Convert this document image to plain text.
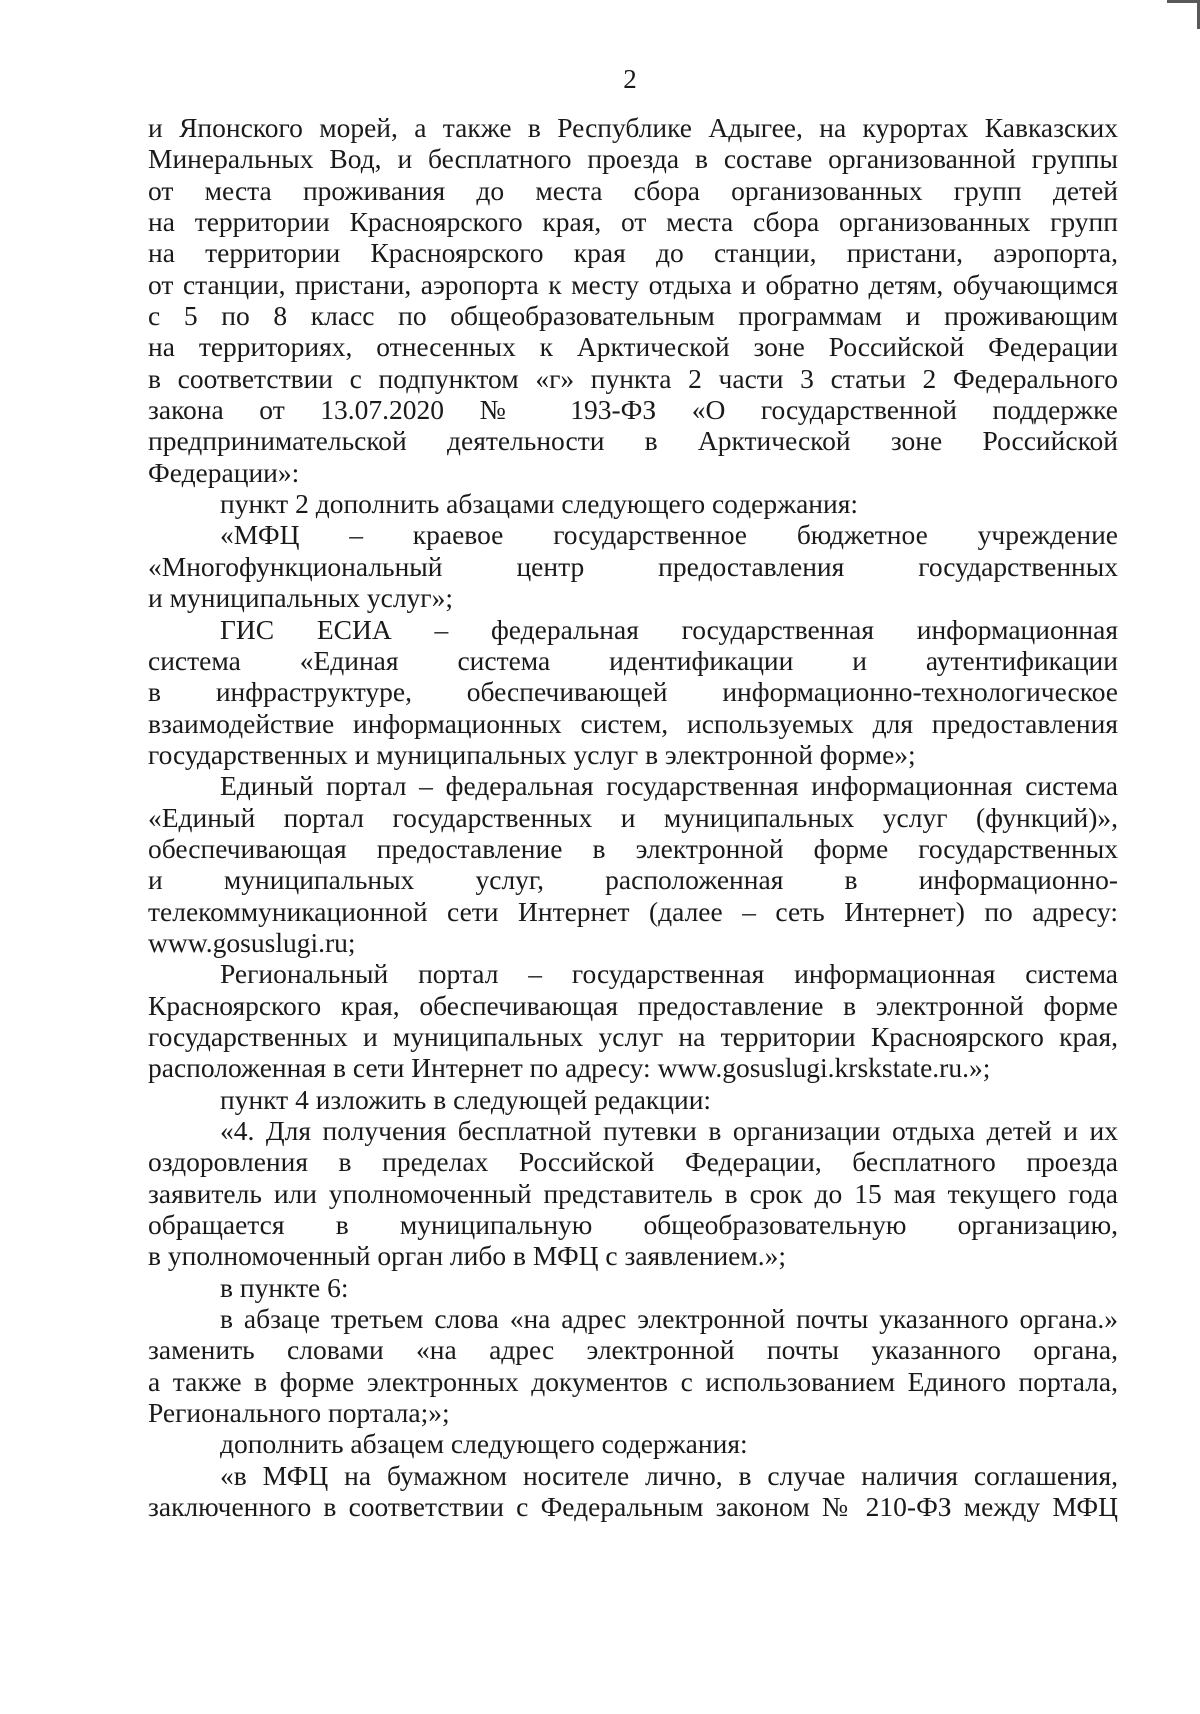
2
и Японского морей, а также в Республике Адыгее, на курортах Кавказских
Минеральных Вод, и бесплатного проезда в составе организованной группы
от места проживания до места сбора организованных групп детей
на территории Красноярского края, от места сбора организованных групп
на территории Красноярского края до станции, пристани, аэропорта,
от станции, пристани, аэропорта к месту отдыха и обратно детям, обучающимся
с 5 по 8 класс по общеобразовательным программам и проживающим
на территориях, отнесенных к Арктической зоне Российской Федерации
в соответствии с подпунктом «г» пункта 2 части 3 статьи 2 Федерального
закона от 13.07.2020 № 193-ФЗ «О государственной поддержке
предпринимательской деятельности в Арктической зоне Российской
Федерации»:
пункт 2 дополнить абзацами следующего содержания:
«МФЦ – краевое государственное бюджетное учреждение
«Многофункциональный центр предоставления государственных
и муниципальных услуг»;
ГИС ЕСИА – федеральная государственная информационная
система «Единая система идентификации и аутентификации
в инфраструктуре, обеспечивающей информационно-технологическое
взаимодействие информационных систем, используемых для предоставления
государственных и муниципальных услуг в электронной форме»;
Единый портал – федеральная государственная информационная система
«Единый портал государственных и муниципальных услуг (функций)»,
обеспечивающая предоставление в электронной форме государственных
и муниципальных услуг, расположенная в информационно-
телекоммуникационной сети Интернет (далее – сеть Интернет) по адресу:
www.gosuslugi.ru;
Региональный портал – государственная информационная система
Красноярского края, обеспечивающая предоставление в электронной форме
государственных и муниципальных услуг на территории Красноярского края,
расположенная в сети Интернет по адресу: www.gosuslugi.krskstate.ru.»;
пункт 4 изложить в следующей редакции:
«4. Для получения бесплатной путевки в организации отдыха детей и их
оздоровления в пределах Российской Федерации, бесплатного проезда
заявитель или уполномоченный представитель в срок до 15 мая текущего года
обращается в муниципальную общеобразовательную организацию,
в уполномоченный орган либо в МФЦ с заявлением.»;
в пункте 6:
в абзаце третьем слова «на адрес электронной почты указанного органа.»
заменить словами «на адрес электронной почты указанного органа,
а также в форме электронных документов с использованием Единого портала,
Регионального портала;»;
дополнить абзацем следующего содержания:
«в МФЦ на бумажном носителе лично, в случае наличия соглашения,
заключенного в соответствии с Федеральным законом № 210-ФЗ между МФЦ
